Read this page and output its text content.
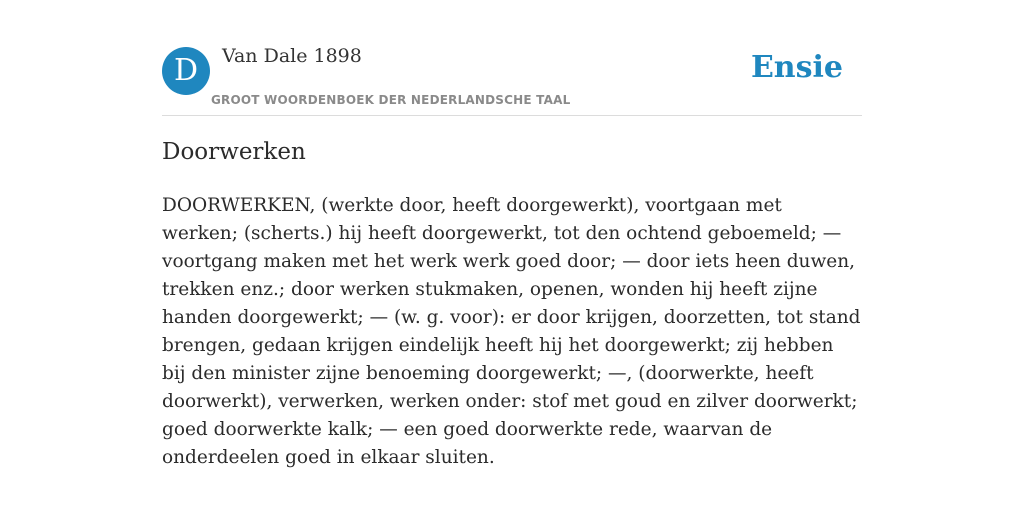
D	Van Dale 1898
GROOT WOORDENBOEK DER NEDERLANDSCHE TAAL
Ensie
Doorwerken

DOORWERKEN, (werkte door, heeft doorgewerkt), voortgaan met werken; (scherts.) hij heeft doorgewerkt, tot den ochtend geboemeld; — voortgang maken met het werk werk goed door; — door iets heen duwen, trekken enz.; door werken stukmaken, openen, wonden hij heeft zijne handen doorgewerkt; — (w. g. voor): er door krijgen, doorzetten, tot stand brengen, gedaan krijgen eindelijk heeft hij het doorgewerkt; zij hebben bij den minister zijne benoeming doorgewerkt; —, (doorwerkte, heeft doorwerkt), verwerken, werken onder: stof met goud en zilver doorwerkt; goed doorwerkte kalk; — een goed doorwerkte rede, waarvan de onderdeelen goed in elkaar sluiten.
